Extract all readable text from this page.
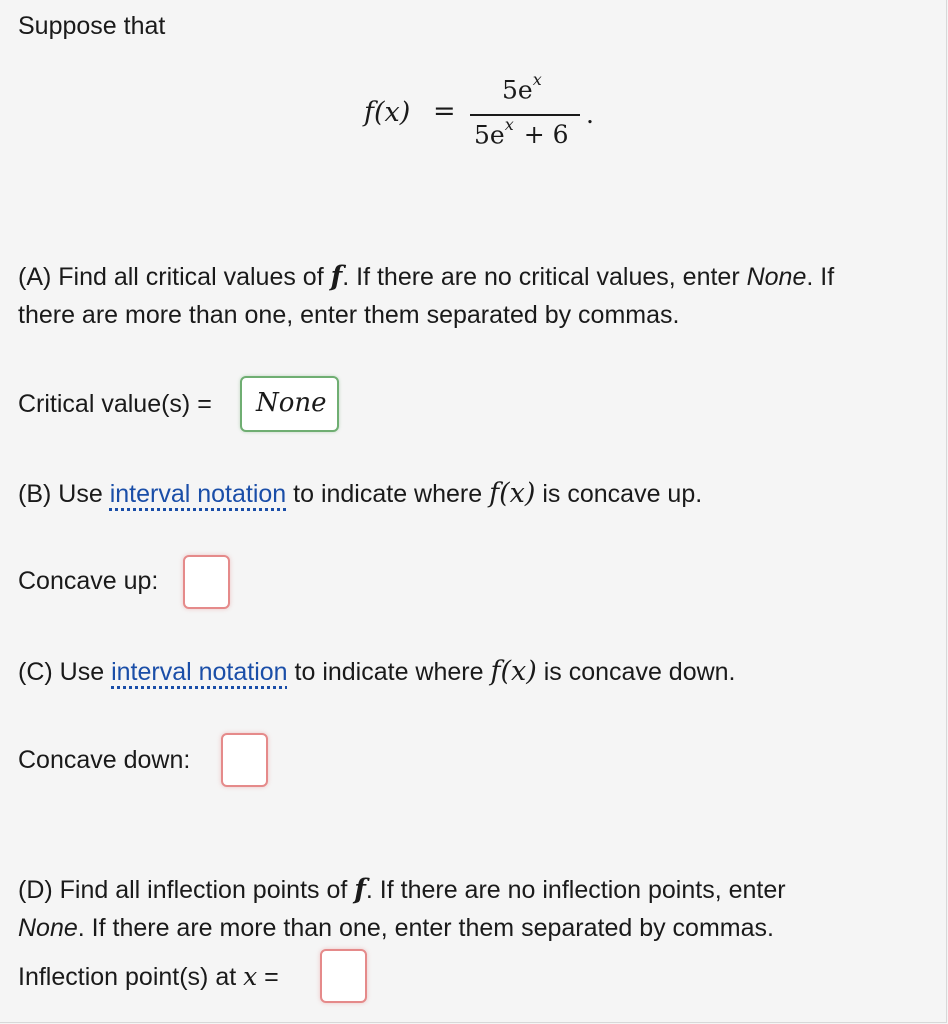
Suppose that
f(x) =
$5e^x$
$5e^x + 6$
.
(A) Find all critical values of f. If there are no critical values, enter None. If
there are more than one, enter them separated by commas.
Critical value(s) = None
(B) Use interval notation to indicate where f(x) is concave up.
Concave up:
(C) Use interval notation to indicate where f(x) is concave down.
Concave down:
(D) Find all inflection points of f. If there are no inflection points, enter
None. If there are more than one, enter them separated by commas.
Inflection point(s) at x =
